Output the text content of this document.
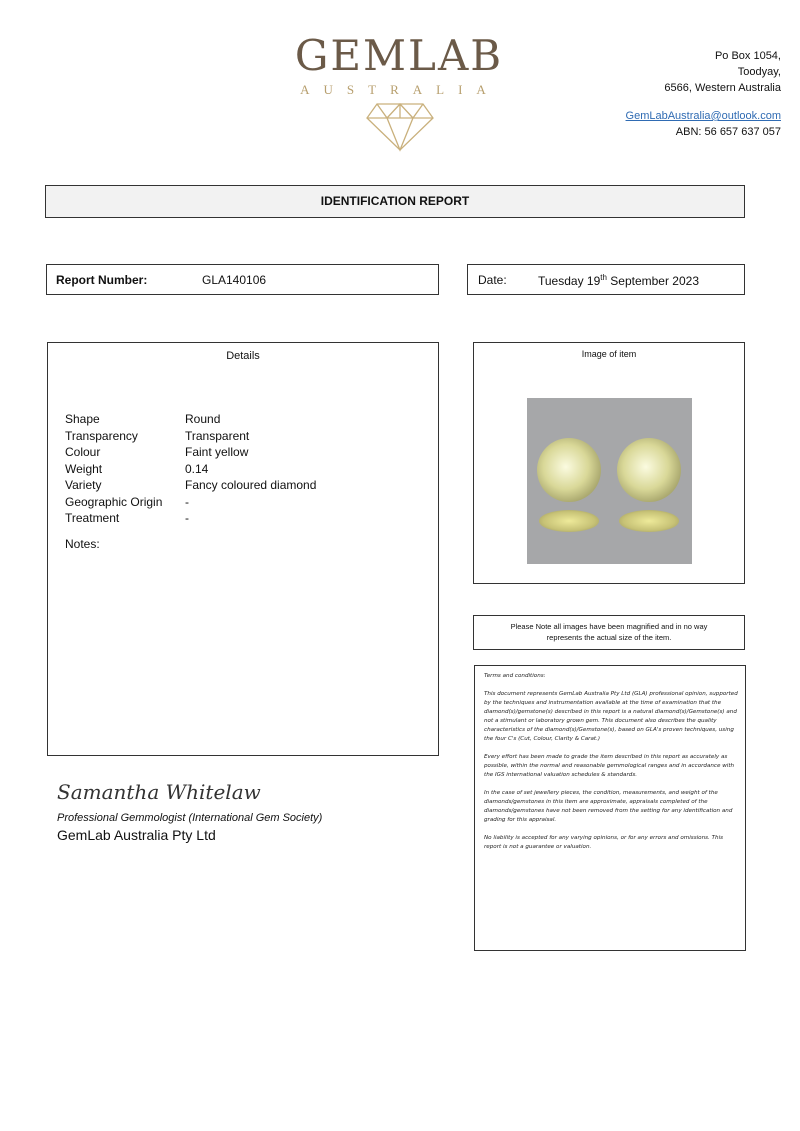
GEMLAB
AUSTRALIA
Po Box 1054,
Toodyay,
6566, Western Australia
GemLabAustralia@outlook.com
ABN: 56 657 637 057
IDENTIFICATION REPORT
Report Number:	GLA140106	Date:	Tuesday 19th September 2023
Details
Shape	Round
Transparency	Transparent
Colour	Faint yellow
Weight	0.14
Variety	Fancy coloured diamond
Geographic Origin	-
Treatment	-
Notes:
Image of item
Please Note all images have been magnified and in no way represents the actual size of the item.

Terms and conditions:

This document represents GemLab Australia Pty Ltd (GLA) professional opinion, supported by the techniques and instrumentation available at the time of examination that the diamond(s)/gemstone(s) described in this report is a natural diamond(s)/Gemstone(s) and not a stimulant or laboratory grown gem. This document also describes the quality characteristics of the diamond(s)/Gemstone(s), based on GLA's proven techniques, using the four C's (Cut, Colour, Clarity & Carat.)

Every effort has been made to grade the item described in this report as accurately as possible, within the normal and reasonable gemmological ranges and in accordance with the IGS international valuation schedules & standards.

In the case of set jewellery pieces, the condition, measurements, and weight of the diamonds/gemstones in this item are approximate, appraisals completed of the diamonds/gemstones have not been removed from the setting for any identification and grading for this appraisal.

No liability is accepted for any varying opinions, or for any errors and omissions. This report is not a guarantee or valuation.

Samantha Whitelaw
Professional Gemmologist (International Gem Society)
GemLab Australia Pty Ltd
